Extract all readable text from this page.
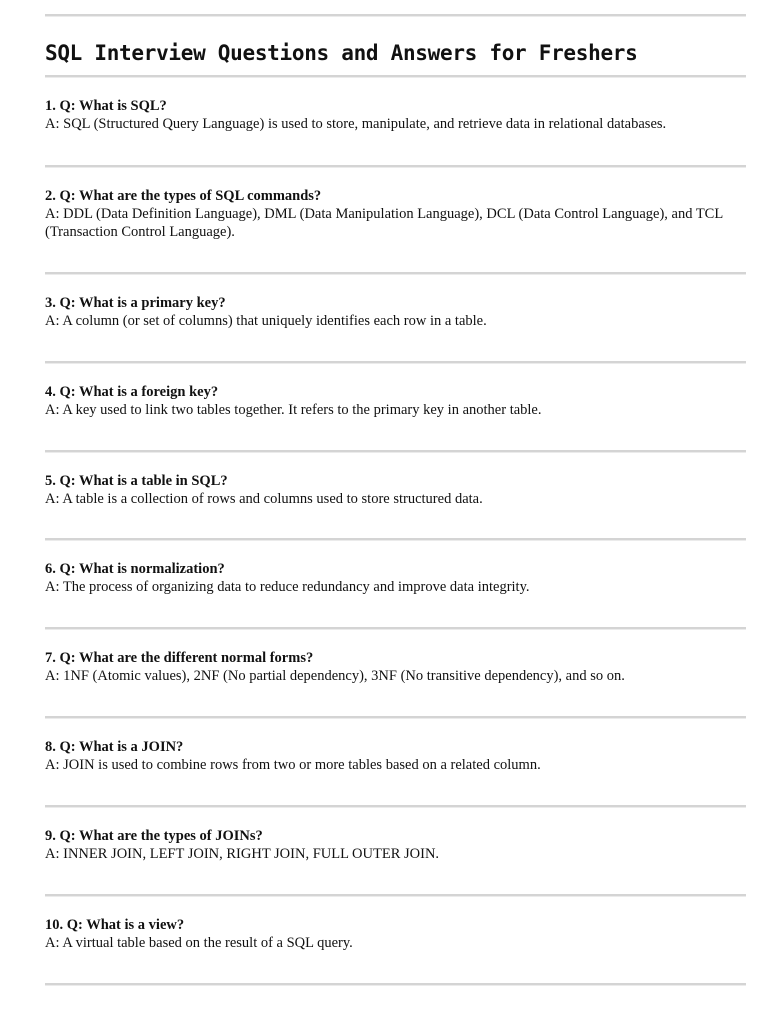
SQL Interview Questions and Answers for Freshers
1. Q: What is SQL?
A: SQL (Structured Query Language) is used to store, manipulate, and retrieve data in relational databases.
2. Q: What are the types of SQL commands?
A: DDL (Data Definition Language), DML (Data Manipulation Language), DCL (Data Control Language), and TCL (Transaction Control Language).
3. Q: What is a primary key?
A: A column (or set of columns) that uniquely identifies each row in a table.
4. Q: What is a foreign key?
A: A key used to link two tables together. It refers to the primary key in another table.
5. Q: What is a table in SQL?
A: A table is a collection of rows and columns used to store structured data.
6. Q: What is normalization?
A: The process of organizing data to reduce redundancy and improve data integrity.
7. Q: What are the different normal forms?
A: 1NF (Atomic values), 2NF (No partial dependency), 3NF (No transitive dependency), and so on.
8. Q: What is a JOIN?
A: JOIN is used to combine rows from two or more tables based on a related column.
9. Q: What are the types of JOINs?
A: INNER JOIN, LEFT JOIN, RIGHT JOIN, FULL OUTER JOIN.
10. Q: What is a view?
A: A virtual table based on the result of a SQL query.
